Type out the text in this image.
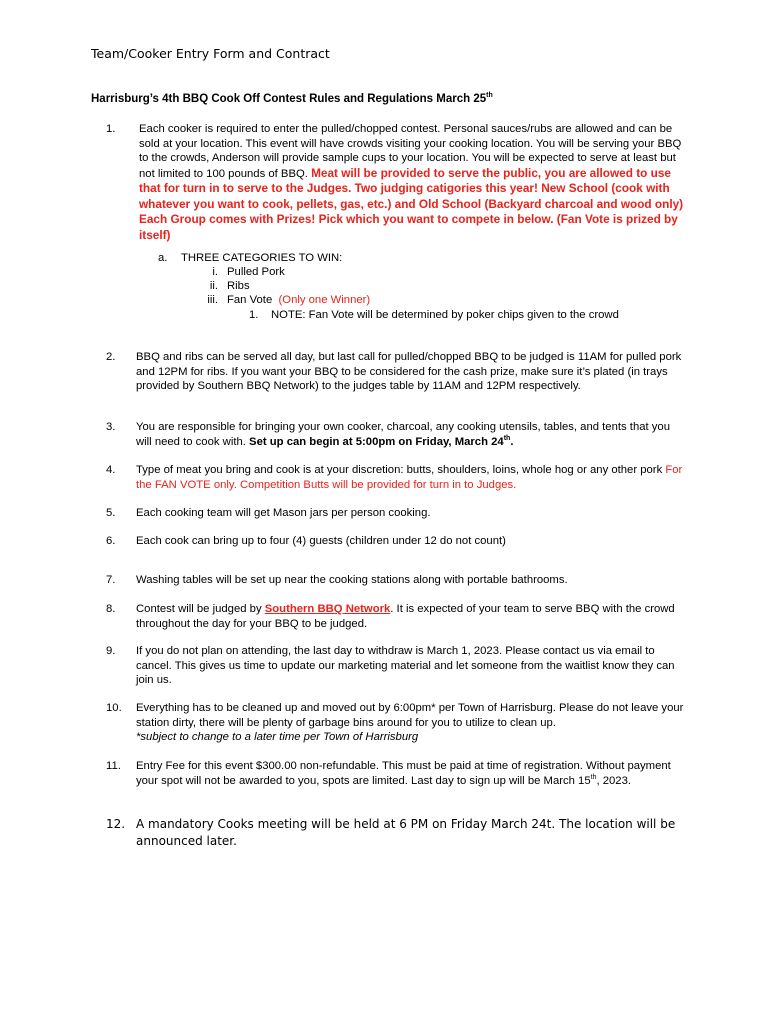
Team/Cooker Entry Form and Contract
Harrisburg’s 4th BBQ Cook Off Contest Rules and Regulations March 25th
1. Each cooker is required to enter the pulled/chopped contest. Personal sauces/rubs are allowed and can be sold at your location. This event will have crowds visiting your cooking location. You will be serving your BBQ to the crowds, Anderson will provide sample cups to your location. You will be expected to serve at least but not limited to 100 pounds of BBQ. Meat will be provided to serve the public, you are allowed to use that for turn in to serve to the Judges. Two judging catigories this year! New School (cook with whatever you want to cook, pellets, gas, etc.) and Old School (Backyard charcoal and wood only) Each Group comes with Prizes! Pick which you want to compete in below. (Fan Vote is prized by itself)
a. THREE CATEGORIES TO WIN:
i. Pulled Pork
ii. Ribs
iii. Fan Vote (Only one Winner)
1. NOTE: Fan Vote will be determined by poker chips given to the crowd
2. BBQ and ribs can be served all day, but last call for pulled/chopped BBQ to be judged is 11AM for pulled pork and 12PM for ribs. If you want your BBQ to be considered for the cash prize, make sure it’s plated (in trays provided by Southern BBQ Network) to the judges table by 11AM and 12PM respectively.
3. You are responsible for bringing your own cooker, charcoal, any cooking utensils, tables, and tents that you will need to cook with. Set up can begin at 5:00pm on Friday, March 24th.
4. Type of meat you bring and cook is at your discretion: butts, shoulders, loins, whole hog or any other pork For the FAN VOTE only. Competition Butts will be provided for turn in to Judges.
5. Each cooking team will get Mason jars per person cooking.
6. Each cook can bring up to four (4) guests (children under 12 do not count)
7. Washing tables will be set up near the cooking stations along with portable bathrooms.
8. Contest will be judged by Southern BBQ Network. It is expected of your team to serve BBQ with the crowd throughout the day for your BBQ to be judged.
9. If you do not plan on attending, the last day to withdraw is March 1, 2023. Please contact us via email to cancel. This gives us time to update our marketing material and let someone from the waitlist know they can join us.
10. Everything has to be cleaned up and moved out by 6:00pm* per Town of Harrisburg. Please do not leave your station dirty, there will be plenty of garbage bins around for you to utilize to clean up.
*subject to change to a later time per Town of Harrisburg
11. Entry Fee for this event $300.00 non-refundable. This must be paid at time of registration. Without payment your spot will not be awarded to you, spots are limited. Last day to sign up will be March 15th, 2023.
12. A mandatory Cooks meeting will be held at 6 PM on Friday March 24t. The location will be announced later.
